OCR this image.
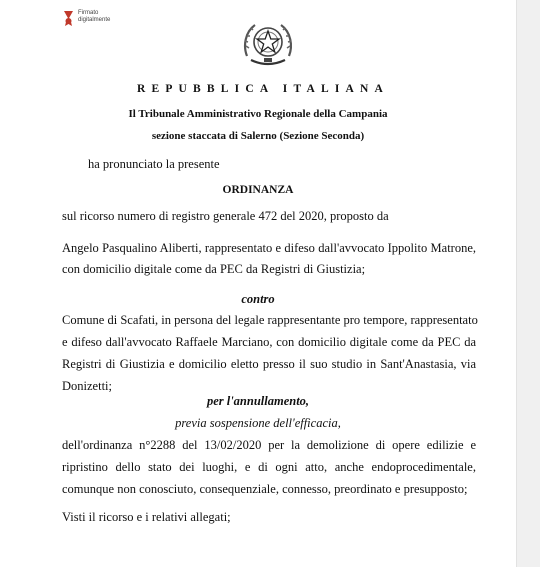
Firmato
digitalmente
REPUBBLICA ITALIANA
Il Tribunale Amministrativo Regionale della Campania
sezione staccata di Salerno (Sezione Seconda)
ha pronunciato la presente
ORDINANZA
sul ricorso numero di registro generale 472 del 2020, proposto da
Angelo Pasqualino Aliberti, rappresentato e difeso dall'avvocato Ippolito Matrone,
con domicilio digitale come da PEC da Registri di Giustizia;
contro
Comune di Scafati, in persona del legale rappresentante pro tempore, rappresentato
e difeso dall'avvocato Raffaele Marciano, con domicilio digitale come da PEC da
Registri di Giustizia e domicilio eletto presso il suo studio in Sant'Anastasia, via
Donizetti;
per l'annullamento,
previa sospensione dell'efficacia,
dell'ordinanza n°2288 del 13/02/2020 per la demolizione di opere edilizie e
ripristino dello stato dei luoghi, e di ogni atto, anche endoprocedimentale,
comunque non conosciuto, consequenziale, connesso, preordinato e presupposto;
Visti il ricorso e i relativi allegati;
